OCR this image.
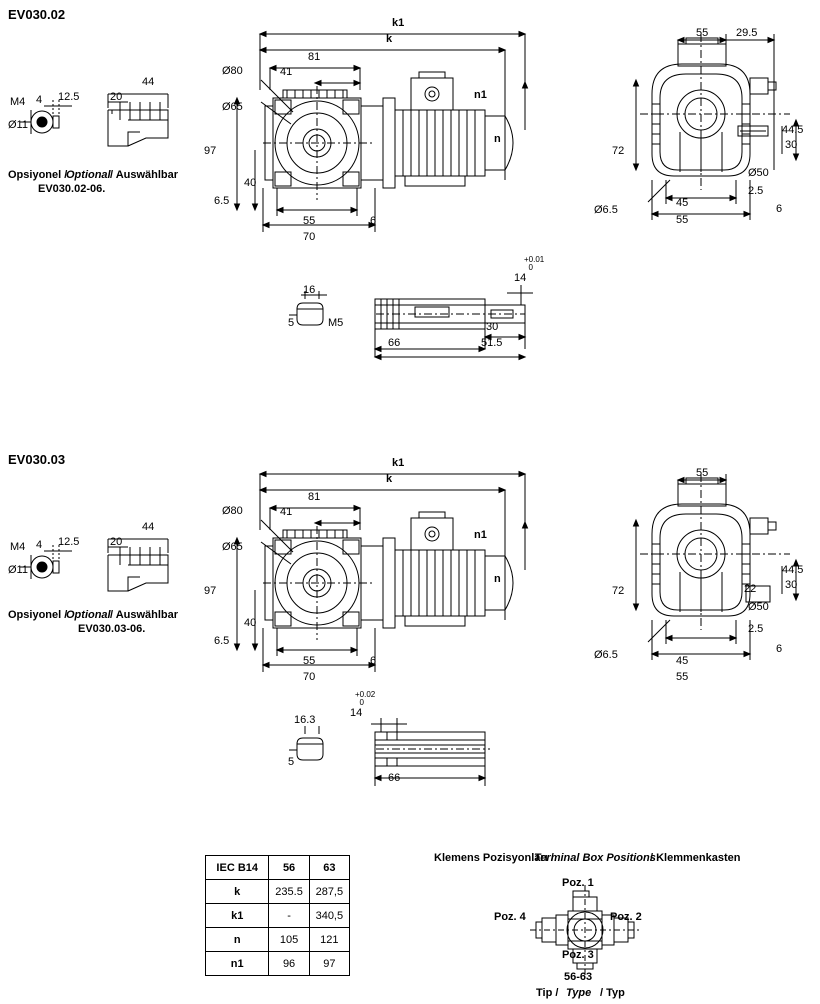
EV030.02
M4 4 12.5
Ø11
20
44
Opsiyonel /
Optional / Auswählbar
EV030.02-06.
k1
k
81
41
Ø80
Ø65
n1
n
97
40
6.5
55
70
6
55	29.5
44.5
30
72
Ø50
2.5
6
Ø6.5
45
55
16
5	M5
14
+0.01
0
30
51.5
66
EV030.03
M4 4 12.5
Ø11
20
44
Opsiyonel /
Optional / Auswählbar
EV030.03-06.
k1
k
81
41
Ø80
Ø65
n1
n
97
40
6.5
55
70
6
55
44.5
30
72	22
Ø50
2.5
6
Ø6.5	45
55
16.3
5
14
+0.02
0
66
IEC B14	56	63
k	235.5	287,5
k1	-	340,5
n	105	121
n1	96	97
Klemens Pozisyonları /
Terminal Box Positions
/ Klemmenkasten
Poz. 1
Poz. 2
Poz. 3
Poz. 4
56-63
Tip / Type / Typ
